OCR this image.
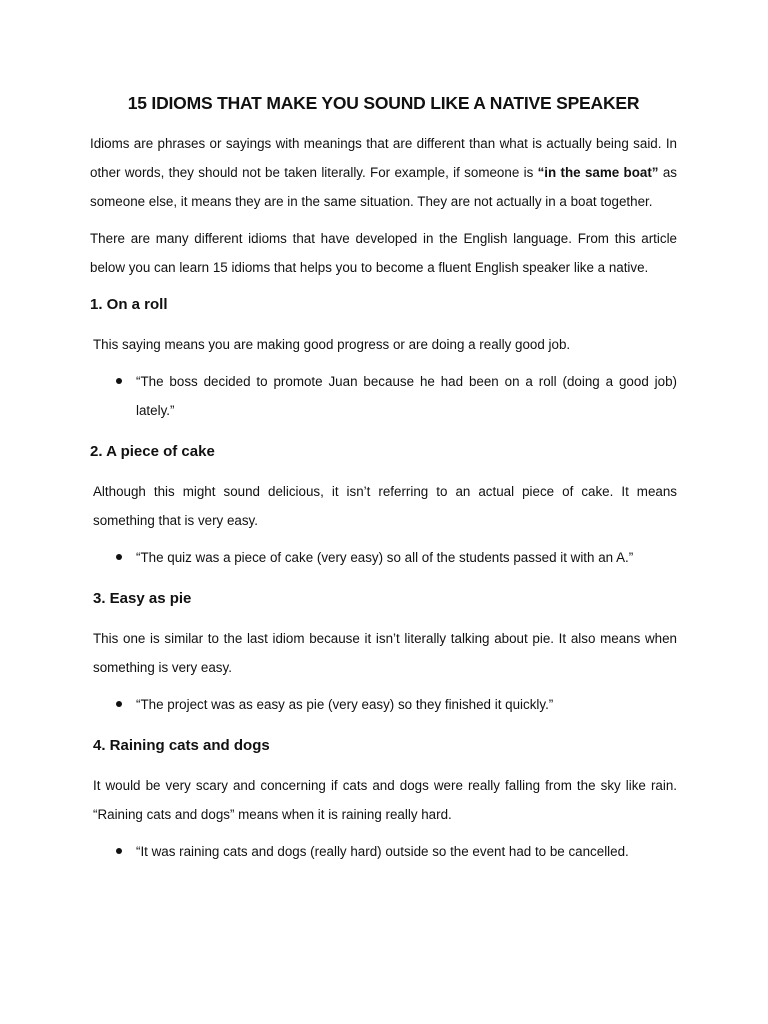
15 IDIOMS THAT MAKE YOU SOUND LIKE A NATIVE SPEAKER

Idioms are phrases or sayings with meanings that are different than what is actually being said. In other words, they should not be taken literally. For example, if someone is “in the same boat” as someone else, it means they are in the same situation. They are not actually in a boat together.

There are many different idioms that have developed in the English language. From this article below you can learn 15 idioms that helps you to become a fluent English speaker like a native.

1. On a roll

This saying means you are making good progress or are doing a really good job.

“The boss decided to promote Juan because he had been on a roll (doing a good job) lately.”
2. A piece of cake

Although this might sound delicious, it isn’t referring to an actual piece of cake. It means something that is very easy.

“The quiz was a piece of cake (very easy) so all of the students passed it with an A.”
3. Easy as pie

This one is similar to the last idiom because it isn’t literally talking about pie. It also means when something is very easy.

“The project was as easy as pie (very easy) so they finished it quickly.”
4. Raining cats and dogs

It would be very scary and concerning if cats and dogs were really falling from the sky like rain. “Raining cats and dogs” means when it is raining really hard.

“It was raining cats and dogs (really hard) outside so the event had to be cancelled.
